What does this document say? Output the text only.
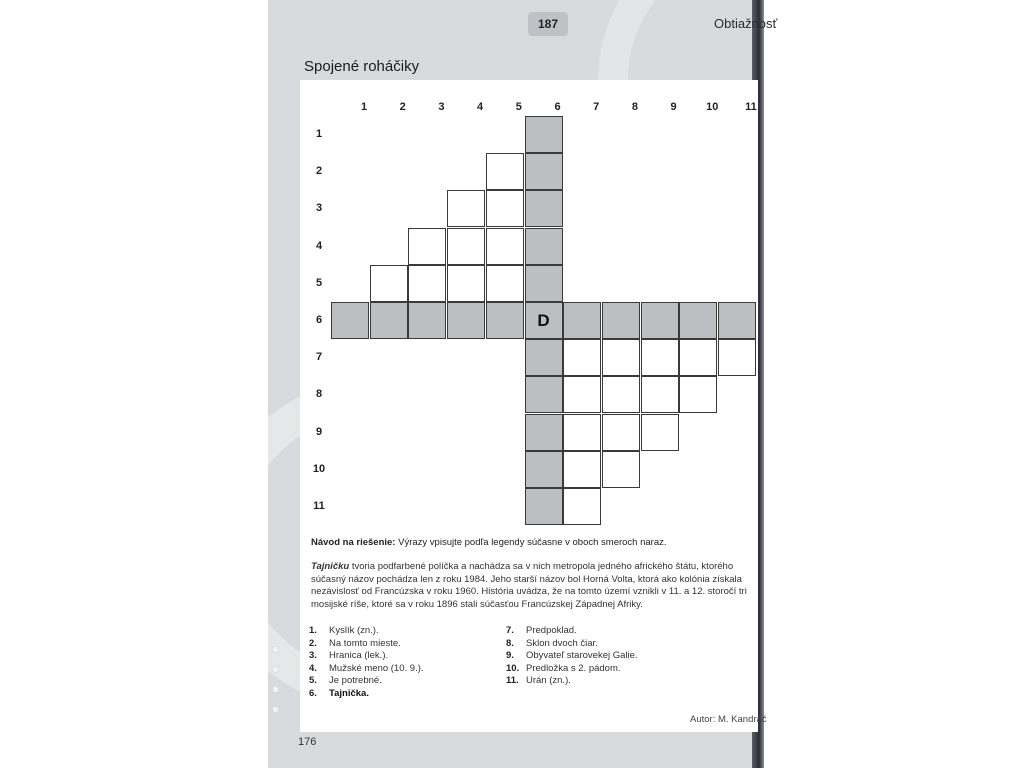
187	Obtiažnosť
Spojené roháčiky
1	2	3	4	5	6	7	8	9	10	11
1
2
3
4
5
6
7
8
9
10
11
D
Návod na riešenie: Výrazy vpisujte podľa legendy súčasne v oboch smeroch naraz.
Tajničku tvoria podfarbené políčka a nachádza sa v nich metropola jedného afrického štátu, ktorého súčasný názov pochádza len z roku 1984. Jeho starší názov bol Horná Volta, ktorá ako kolónia získala nezávislosť od Francúzska v roku 1960. História uvádza, že na tomto území vznikli v 11. a 12. storočí tri mosijské ríše, ktoré sa v roku 1896 stali súčasťou Francúzskej Západnej Afriky.
1. Kyslík (zn.).
2. Na tomto mieste.
3. Hranica (lek.).
4. Mužské meno (10. 9.).
5. Je potrebné.
6. Tajnička.
7. Predpoklad.
8. Sklon dvoch čiar.
9. Obyvateľ starovekej Galie.
10. Predložka s 2. pádom.
11. Urán (zn.).
Autor: M. Kandráč
176
